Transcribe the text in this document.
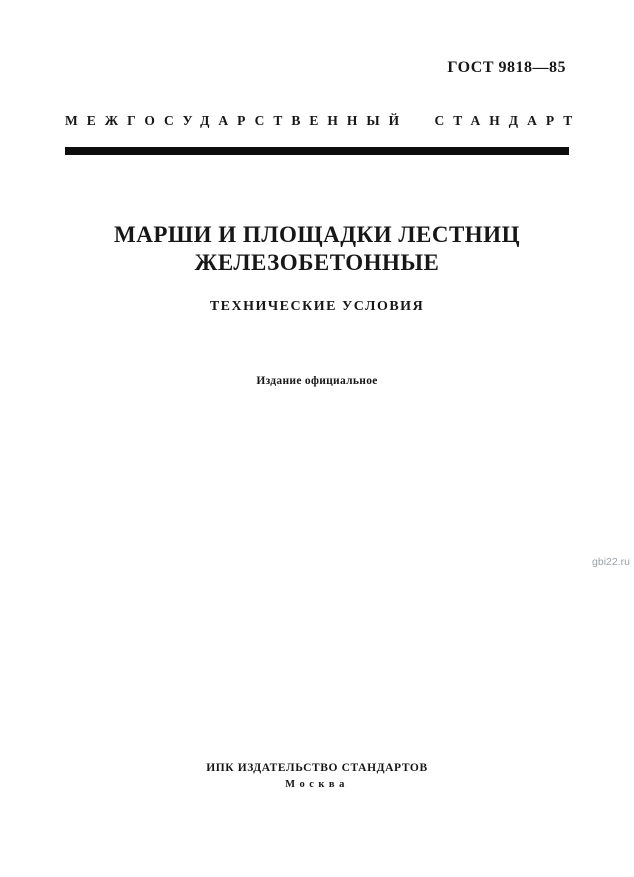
ГОСТ 9818—85
МЕЖГОСУДАРСТВЕННЫЙ СТАНДАРТ
МАРШИ И ПЛОЩАДКИ ЛЕСТНИЦ
ЖЕЛЕЗОБЕТОННЫЕ
ТЕХНИЧЕСКИЕ УСЛОВИЯ
Издание официальное
gbi22.ru
ИПК ИЗДАТЕЛЬСТВО СТАНДАРТОВ
Москва
